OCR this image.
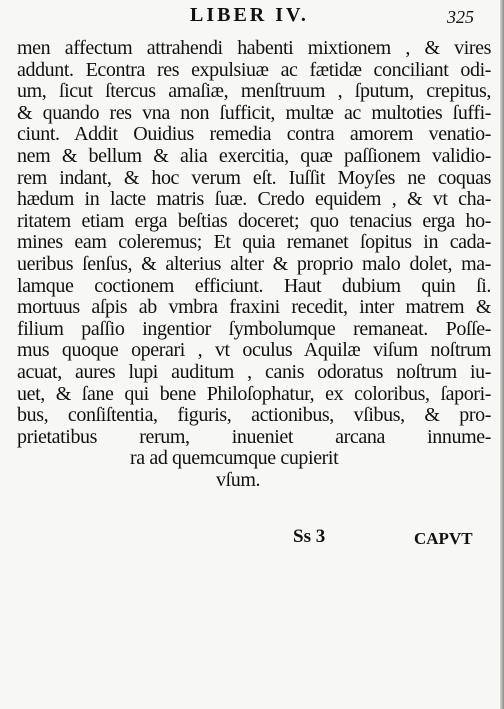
LIBER IV.	325
men affectum attrahendi habenti mixtionem , & vires
addunt. Econtra res expulsiuæ ac fætidæ conciliant odi-
um, ſicut ſtercus amaſiæ, menſtruum , ſputum, crepitus,
& quando res vna non ſufficit, multæ ac multoties ſuffi-
ciunt. Addit Ouidius remedia contra amorem venatio-
nem & bellum & alia exercitia, quæ paſſionem validio-
rem indant, & hoc verum eſt. Iuſſit Moyſes ne coquas
hædum in lacte matris ſuæ. Credo equidem , & vt cha-
ritatem etiam erga beſtias doceret; quo tenacius erga ho-
mines eam coleremus; Et quia remanet ſopitus in cada-
ueribus ſenſus, & alterius alter & proprio malo dolet, ma-
lamque coctionem efficiunt. Haut dubium quin ſi.
mortuus aſpis ab vmbra fraxini recedit, inter matrem &
filium paſſio ingentior ſymbolumque remaneat. Poſſe-
mus quoque operari , vt oculus Aquilæ viſum noſtrum
acuat, aures lupi auditum , canis odoratus noſtrum iu-
uet, & ſane qui bene Philoſophatur, ex coloribus, ſapori-
bus, conſiſtentia, figuris, actionibus, vſibus, & pro-
prietatibus rerum, inueniet arcana innume-
ra ad quemcumque cupierit
vſum.
Ss 3	CAPVT
